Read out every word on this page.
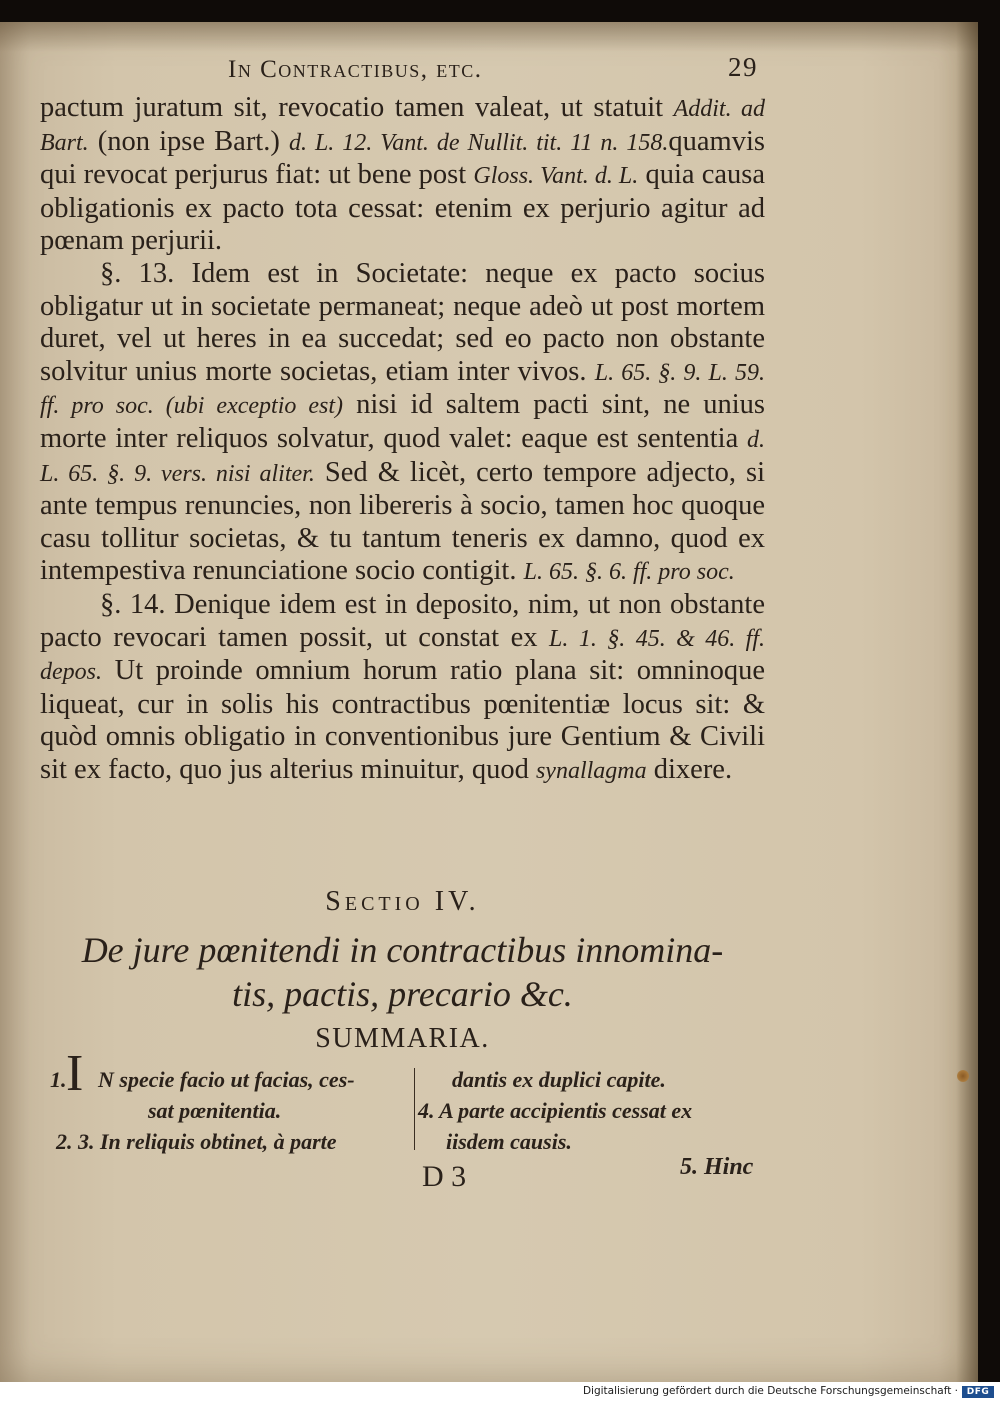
In Contractibus, etc.	29

pactum juratum sit, revocatio tamen valeat, ut statuit Addit. ad Bart. (non ipse Bart.) d. L. 12. Vant. de Nullit. tit. 11 n. 158.quamvis qui revocat perjurus fiat: ut bene post Gloss. Vant. d. L. quia causa obligationis ex pacto tota cessat: etenim ex perjurio agitur ad pœnam perjurii.

§. 13. Idem est in Societate: neque ex pacto socius obligatur ut in societate permaneat; neque adeò ut post mortem duret, vel ut heres in ea succedat; sed eo pacto non obstante solvitur unius morte societas, etiam inter vivos. L. 65. §. 9. L. 59. ff. pro soc. (ubi exceptio est) nisi id saltem pacti sint, ne unius morte inter reliquos solvatur, quod valet: eaque est sententia d. L. 65. §. 9. vers. nisi aliter. Sed & licèt, certo tempore adjecto, si ante tempus renuncies, non libereris à socio, tamen hoc quoque casu tollitur societas, & tu tantum teneris ex damno, quod ex intempestiva renunciatione socio contigit. L. 65. §. 6. ff. pro soc.

§. 14. Denique idem est in deposito, nim, ut non obstante pacto revocari tamen possit, ut constat ex L. 1. §. 45. & 46. ff. depos. Ut proinde omnium horum ratio plana sit: omninoque liqueat, cur in solis his contractibus pœnitentiæ locus sit: & quòd omnis obligatio in conventionibus jure Gentium & Civili sit ex facto, quo jus alterius minuitur, quod synallagma dixere.

Sectio IV.
De jure pœnitendi in contractibus innomina-
tis, pactis, precario &c.
SUMMARIA.
1. I N specie facio ut facias, ces-
sat pœnitentia.
2. 3. In reliquis obtinet, à parte
dantis ex duplici capite.
4. A parte accipientis cessat ex
iisdem causis.
D 3	5. Hinc
Digitalisierung gefördert durch die Deutsche Forschungsgemeinschaft · DFG
